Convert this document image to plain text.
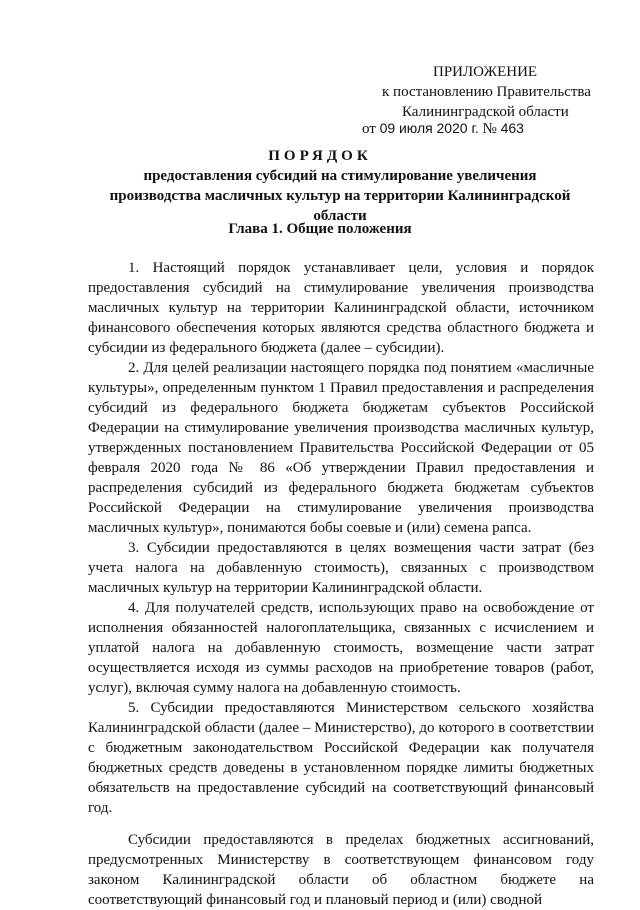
ПРИЛОЖЕНИЕ
к постановлению Правительства
Калининградской области
от 09 июля 2020 г. № 463
ПОРЯДОК
предоставления субсидий на стимулирование увеличения производства масличных культур на территории Калининградской области
Глава 1. Общие положения

1. Настоящий порядок устанавливает цели, условия и порядок предоставления субсидий на стимулирование увеличения производства масличных культур на территории Калининградской области, источником финансового обеспечения которых являются средства областного бюджета и субсидии из федерального бюджета (далее – субсидии).

2. Для целей реализации настоящего порядка под понятием «масличные культуры», определенным пунктом 1 Правил предоставления и распределения субсидий из федерального бюджета бюджетам субъектов Российской Федерации на стимулирование увеличения производства масличных культур, утвержденных постановлением Правительства Российской Федерации от 05 февраля 2020 года № 86 «Об утверждении Правил предоставления и распределения субсидий из федерального бюджета бюджетам субъектов Российской Федерации на стимулирование увеличения производства масличных культур», понимаются бобы соевые и (или) семена рапса.

3. Субсидии предоставляются в целях возмещения части затрат (без учета налога на добавленную стоимость), связанных с производством масличных культур на территории Калининградской области.

4. Для получателей средств, использующих право на освобождение от исполнения обязанностей налогоплательщика, связанных с исчислением и уплатой налога на добавленную стоимость, возмещение части затрат осуществляется исходя из суммы расходов на приобретение товаров (работ, услуг), включая сумму налога на добавленную стоимость.

5. Субсидии предоставляются Министерством сельского хозяйства Калининградской области (далее – Министерство), до которого в соответствии с бюджетным законодательством Российской Федерации как получателя бюджетных средств доведены в установленном порядке лимиты бюджетных обязательств на предоставление субсидий на соответствующий финансовый год.

Субсидии предоставляются в пределах бюджетных ассигнований, предусмотренных Министерству в соответствующем финансовом году законом Калининградской области об областном бюджете на соответствующий финансовый год и плановый период и (или) сводной
